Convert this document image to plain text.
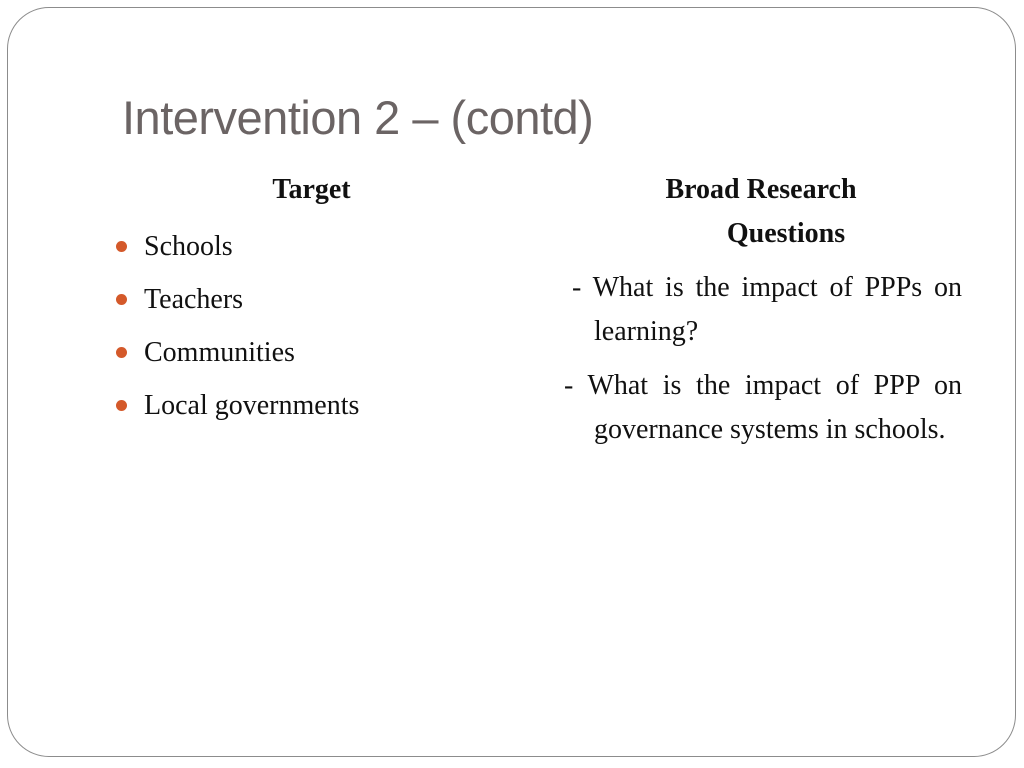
Intervention 2 – (contd)
Target
Schools
Teachers
Communities
Local governments
Broad Research
Questions
- What is the impact of PPPs on learning?
- What is the impact of PPP on governance systems in schools.
